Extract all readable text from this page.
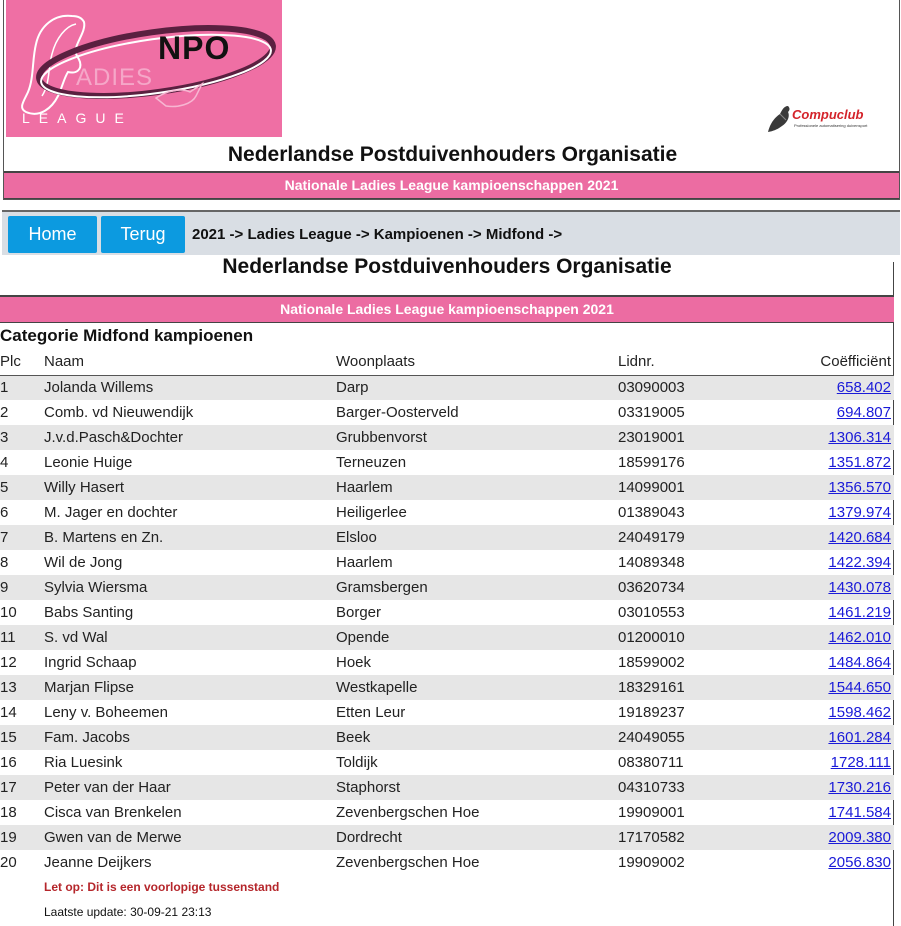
NPO
ADIES
LEAGUE	Compuclub
Professionele automatisering duivensport
Nederlandse Postduivenhouders Organisatie
Nationale Ladies League kampioenschappen 2021
Home	Terug	2021 -> Ladies League -> Kampioenen -> Midfond ->
Nederlandse Postduivenhouders Organisatie
Nationale Ladies League kampioenschappen 2021
Categorie Midfond kampioenen
Plc	Naam	Woonplaats	Lidnr.	Coëfficiënt
1	Jolanda Willems	Darp	03090003	658.402
2	Comb. vd Nieuwendijk	Barger-Oosterveld	03319005	694.807
3	J.v.d.Pasch&Dochter	Grubbenvorst	23019001	1306.314
4	Leonie Huige	Terneuzen	18599176	1351.872
5	Willy Hasert	Haarlem	14099001	1356.570
6	M. Jager en dochter	Heiligerlee	01389043	1379.974
7	B. Martens en Zn.	Elsloo	24049179	1420.684
8	Wil de Jong	Haarlem	14089348	1422.394
9	Sylvia Wiersma	Gramsbergen	03620734	1430.078
10	Babs Santing	Borger	03010553	1461.219
11	S. vd Wal	Opende	01200010	1462.010
12	Ingrid Schaap	Hoek	18599002	1484.864
13	Marjan Flipse	Westkapelle	18329161	1544.650
14	Leny v. Boheemen	Etten Leur	19189237	1598.462
15	Fam. Jacobs	Beek	24049055	1601.284
16	Ria Luesink	Toldijk	08380711	1728.111
17	Peter van der Haar	Staphorst	04310733	1730.216
18	Cisca van Brenkelen	Zevenbergschen Hoe	19909001	1741.584
19	Gwen van de Merwe	Dordrecht	17170582	2009.380
20	Jeanne Deijkers	Zevenbergschen Hoe	19909002	2056.830
Let op: Dit is een voorlopige tussenstand
Laatste update: 30-09-21 23:13
